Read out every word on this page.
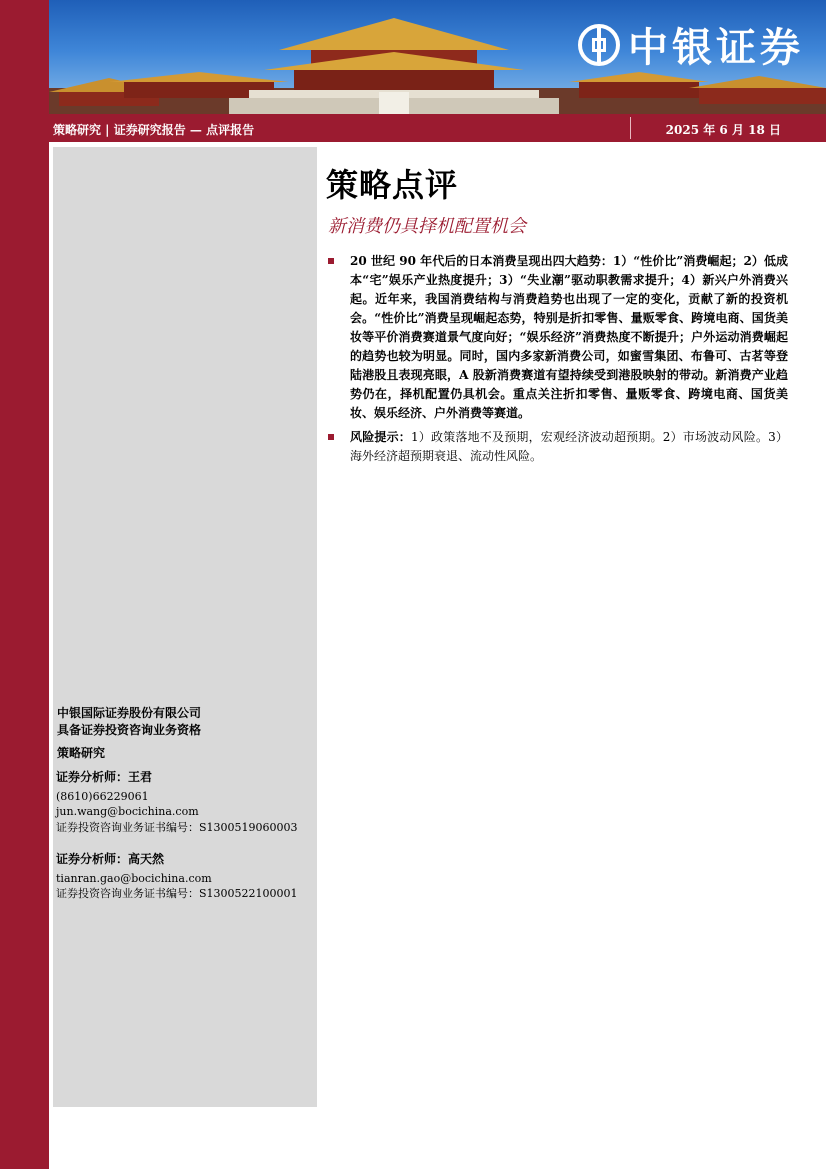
中银证券
策略研究 | 证券研究报告 — 点评报告	2025 年 6 月 18 日
中银国际证券股份有限公司
具备证券投资咨询业务资格
策略研究
证券分析师：王君
(8610)66229061
jun.wang@bocichina.com
证券投资咨询业务证书编号：S1300519060003
证券分析师：高天然
tianran.gao@bocichina.com
证券投资咨询业务证书编号：S1300522100001
策略点评
新消费仍具择机配置机会
20 世纪 90 年代后的日本消费呈现出四大趋势：1）“性价比”消费崛起；2）低成本“宅”娱乐产业热度提升；3）“失业潮”驱动职教需求提升；4）新兴户外消费兴起。近年来，我国消费结构与消费趋势也出现了一定的变化，贡献了新的投资机会。“性价比”消费呈现崛起态势，特别是折扣零售、量贩零食、跨境电商、国货美妆等平价消费赛道景气度向好；“娱乐经济”消费热度不断提升；户外运动消费崛起的趋势也较为明显。同时，国内多家新消费公司，如蜜雪集团、布鲁可、古茗等登陆港股且表现亮眼，A 股新消费赛道有望持续受到港股映射的带动。新消费产业趋势仍在，择机配置仍具机会。重点关注折扣零售、量贩零食、跨境电商、国货美妆、娱乐经济、户外消费等赛道。
风险提示：1）政策落地不及预期，宏观经济波动超预期。2）市场波动风险。3）海外经济超预期衰退、流动性风险。
